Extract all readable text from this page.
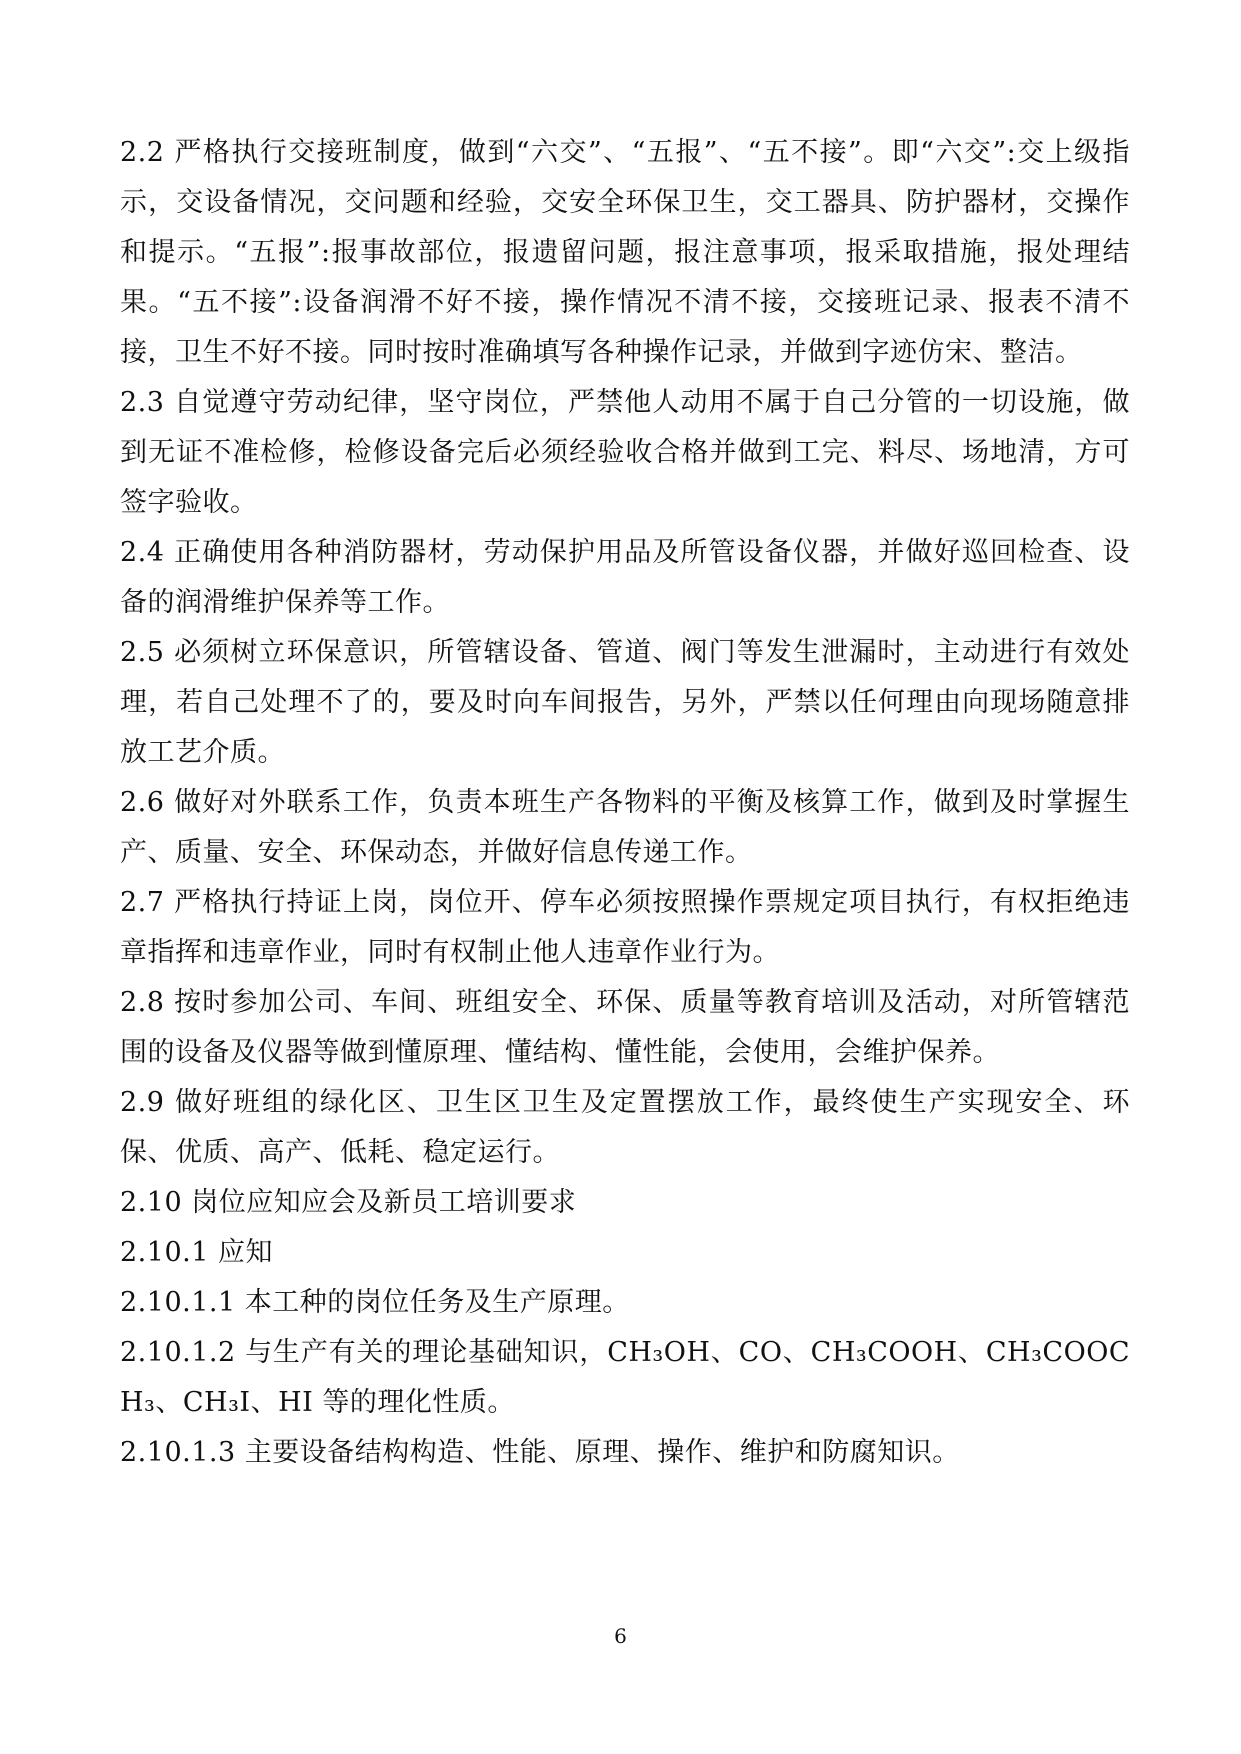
2.2 严格执行交接班制度，做到“六交”、“五报”、“五不接”。即“六交”:交上级指示，交设备情况，交问题和经验，交安全环保卫生，交工器具、防护器材，交操作和提示。“五报”:报事故部位，报遗留问题，报注意事项，报采取措施，报处理结果。“五不接”:设备润滑不好不接，操作情况不清不接，交接班记录、报表不清不接，卫生不好不接。同时按时准确填写各种操作记录，并做到字迹仿宋、整洁。

2.3 自觉遵守劳动纪律，坚守岗位，严禁他人动用不属于自己分管的一切设施，做到无证不准检修，检修设备完后必须经验收合格并做到工完、料尽、场地清，方可签字验收。

2.4 正确使用各种消防器材，劳动保护用品及所管设备仪器，并做好巡回检查、设备的润滑维护保养等工作。

2.5 必须树立环保意识，所管辖设备、管道、阀门等发生泄漏时，主动进行有效处理，若自己处理不了的，要及时向车间报告，另外，严禁以任何理由向现场随意排放工艺介质。

2.6 做好对外联系工作，负责本班生产各物料的平衡及核算工作，做到及时掌握生产、质量、安全、环保动态，并做好信息传递工作。

2.7 严格执行持证上岗，岗位开、停车必须按照操作票规定项目执行，有权拒绝违章指挥和违章作业，同时有权制止他人违章作业行为。

2.8 按时参加公司、车间、班组安全、环保、质量等教育培训及活动，对所管辖范围的设备及仪器等做到懂原理、懂结构、懂性能，会使用，会维护保养。

2.9 做好班组的绿化区、卫生区卫生及定置摆放工作，最终使生产实现安全、环保、优质、高产、低耗、稳定运行。

2.10 岗位应知应会及新员工培训要求

2.10.1 应知

2.10.1.1 本工种的岗位任务及生产原理。

2.10.1.2 与生产有关的理论基础知识，CH₃OH、CO、CH₃COOH、CH₃COOCH₃、CH₃I、HI 等的理化性质。

2.10.1.3 主要设备结构构造、性能、原理、操作、维护和防腐知识。

6
